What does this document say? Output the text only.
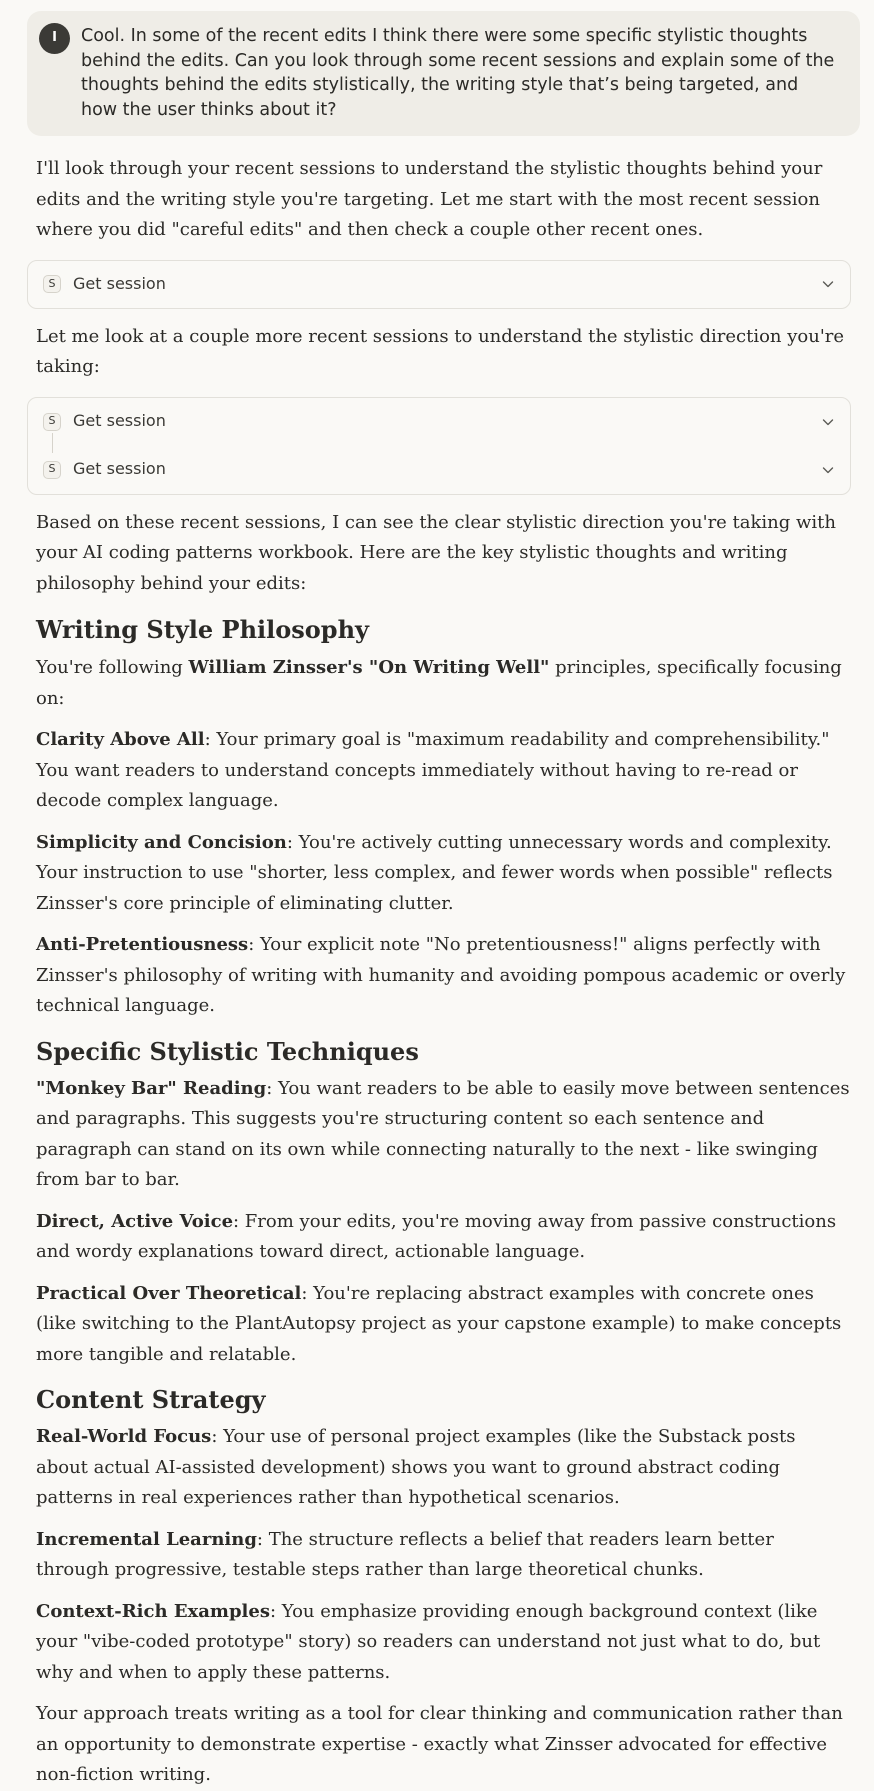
I	Cool. In some of the recent edits I think there were some specific stylistic thoughts behind the edits. Can you look through some recent sessions and explain some of the thoughts behind the edits stylistically, the writing style that’s being targeted, and how the user thinks about it?

I'll look through your recent sessions to understand the stylistic thoughts behind your edits and the writing style you're targeting. Let me start with the most recent session where you did "careful edits" and then check a couple other recent ones.

S	Get session

Let me look at a couple more recent sessions to understand the stylistic direction you're taking:

S	Get session
S	Get session

Based on these recent sessions, I can see the clear stylistic direction you're taking with your AI coding patterns workbook. Here are the key stylistic thoughts and writing philosophy behind your edits:

Writing Style Philosophy

You're following William Zinsser's "On Writing Well" principles, specifically focusing on:

Clarity Above All: Your primary goal is "maximum readability and comprehensibility." You want readers to understand concepts immediately without having to re-read or decode complex language.

Simplicity and Concision: You're actively cutting unnecessary words and complexity. Your instruction to use "shorter, less complex, and fewer words when possible" reflects Zinsser's core principle of eliminating clutter.

Anti-Pretentiousness: Your explicit note "No pretentiousness!" aligns perfectly with Zinsser's philosophy of writing with humanity and avoiding pompous academic or overly technical language.

Specific Stylistic Techniques

"Monkey Bar" Reading: You want readers to be able to easily move between sentences and paragraphs. This suggests you're structuring content so each sentence and paragraph can stand on its own while connecting naturally to the next - like swinging from bar to bar.

Direct, Active Voice: From your edits, you're moving away from passive constructions and wordy explanations toward direct, actionable language.

Practical Over Theoretical: You're replacing abstract examples with concrete ones (like switching to the PlantAutopsy project as your capstone example) to make concepts more tangible and relatable.

Content Strategy

Real-World Focus: Your use of personal project examples (like the Substack posts about actual AI-assisted development) shows you want to ground abstract coding patterns in real experiences rather than hypothetical scenarios.

Incremental Learning: The structure reflects a belief that readers learn better through progressive, testable steps rather than large theoretical chunks.

Context-Rich Examples: You emphasize providing enough background context (like your "vibe-coded prototype" story) so readers can understand not just what to do, but why and when to apply these patterns.

Your approach treats writing as a tool for clear thinking and communication rather than an opportunity to demonstrate expertise - exactly what Zinsser advocated for effective non-fiction writing.
